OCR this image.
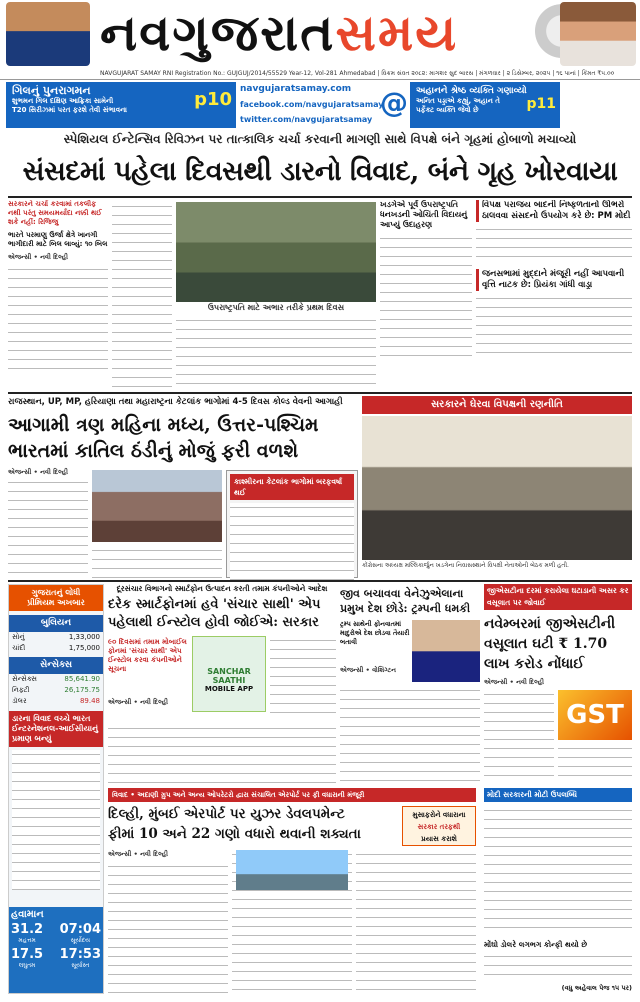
નવગુજરાતસમય
NAVGUJARAT SAMAY RNI Registration No.: GUJGUJ/2014/55529 Year-12, Vol-281 Ahmedabad | વિક્રમ સંવત ૨૦૮૨: માગશર સુદ બારસ | મંગળવાર | ૨ ડિસેમ્બર, ૨૦૨૫ | ૧૬ પાનાં | કિંમત ₹૫.૦૦
ગિલનું પુનરાગમન
શુભમન ગિલ દક્ષિણ આફ્રિકા સામેની
T20 સિરીઝમાં પરત ફરશે તેવી સંભાવના	p10 navgujaratsamay.com
facebook.com/navgujaratsamay
twitter.com/navgujaratsamay
@ અહાનને શ્રેષ્ઠ વ્યક્તિ ગણાવ્યો
અનિત પડ્ડાએ કહ્યું, અહાન તે
પર્ફેક્ટ વ્યક્તિ જેવો છે	p11
સ્પેશિયલ ઈન્ટેન્સિવ રિવિઝન પર તાત્કાલિક ચર્ચા કરવાની માગણી સાથે વિપક્ષે બંને ગૃહમાં હોબાળો મચાવ્યો
સંસદમાં પહેલા દિવસથી ડારનો વિવાદ, બંને ગૃહ ખોરવાયા
સરકારને ચર્ચા કરવામાં તકલીફ નથી પરંતુ સમયમર્યાદા નક્કી થઈ શકે નહીં: રિજિજુ
ભારતે પરમાણુ ઉર્જા ક્ષેત્રે ખાનગી ભાગીદારી માટે બિલ લાવ્યું: ૧૦ બિલ
એજન્સી • નવી દિલ્હી
ઉપરાષ્ટ્રપતિ માટે અભાર તરીકે પ્રથમ દિવસ
ખડગેએ પૂર્વ ઉપરાષ્ટ્રપતિ ધનખડની ઓચિંતી વિદાયનું આપ્યું ઉદાહરણ
વિપક્ષ પરાજય બાદની નિષ્ફળતાનો ઊભરો ઠાલવવા સંસદનો ઉપયોગ કરે છે: PM મોદી
જનસભામાં મુદ્દાને મંજૂરી નહીં આપવાની વૃત્તિ નાટક છે: પ્રિયંકા ગાંધી વાડ્રા
રાજસ્થાન, UP, MP, હરિયાણા તથા મહારાષ્ટ્રના કેટલાંક ભાગોમાં 4-5 દિવસ કોલ્ડ વેવની આગાહી
આગામી ત્રણ મહિના મધ્ય, ઉત્તર-પશ્ચિમ
ભારતમાં કાતિલ ઠંડીનું મોજું ફરી વળશે
એજન્સી • નવી દિલ્હી
કાશ્મીરના કેટલાંક ભાગોમાં બરફવર્ષા થઈ
સરકારને ઘેરવા વિપક્ષની રણનીતિ
કોંગ્રેસના અધ્યક્ષ મલ્લિકાર્જુન ખડગેના નિવાસસ્થાને વિપક્ષી નેતાઓની બેઠક મળી હતી.
ગુજરાતનું લોધી
પ્રીમિયમ અખબાર
બુલિયન
સોનું	1,33,000
ચાંદી	1,75,000
સેન્સેક્સ
સેન્સેક્સ	85,641.90
નિફ્ટી	26,175.75
ડૉલર	89.48
ડારના વિવાદ વચ્ચે ભારત ઈન્ટરનેશનલ-આઈસીયાનું પ્રમાણ બન્યું
હવામાન
31.2
મહત્તમ
07:04
સૂર્યોદય
17.5
લઘુતમ
17:53
સૂર્યાસ્ત
દૂરસંચાર વિભાગનો સ્માર્ટફોન ઉત્પાદન કરતી તમામ કંપનીઓને આદેશ
દરેક સ્માર્ટફોનમાં હવે 'સંચાર સાથી' એપ
પહેલાથી ઈન્સ્ટોલ હોવી જોઈએ: સરકાર
૯૦ દિવસમાં તમામ મોબાઈલ ફોનમાં 'સંચાર સાથી' એપ ઈન્સ્ટોલ કરવા કંપનીઓને સૂચના	SANCHAR
SAATHI
MOBILE APP
એજન્સી • નવી દિલ્હી
જીવ બચાવવા વેનેઝુએલાના
પ્રમુખ દેશ છોડે: ટ્રમ્પની ધમકી
ટ્રમ્પ સાથેની ફોનવાતમાં માદુરોએ દેશ છોડવા તૈયારી બતાવી
એજન્સી • વોશિંગ્ટન
જીએસટીના દરમાં કરાયેલા ઘટાડાની અસર કર વસૂલાત પર જોવાઈ
નવેમ્બરમાં જીએસટીની
વસૂલાત ઘટી ₹ 1.70
લાખ કરોડ નોંધાઈ
એજન્સી • નવી દિલ્હી
GST
વિવાદ • અદાણી ગ્રુપ અને અન્ય ઓપરેટરો દ્વારા સંચાલિત એરપોર્ટ પર ફી વધારાની મંજૂરી
દિલ્હી, મુંબઈ એરપોર્ટ પર યુઝર ડેવલપમેન્ટ
ફીમાં 10 અને 22 ગણો વધારો થવાની શક્યતા
મુસાફરોને વધારાના
સરકાર તરફથી
પ્રયાસ કરાશે
એજન્સી • નવી દિલ્હી
મોદી સરકારની મોટી ઉપલબ્ધિ
મોંઘો ડોલરે લગભગ કોન્ફી થયો છે
(વધુ અહેવાલ પેજ ૧૫ પર)
